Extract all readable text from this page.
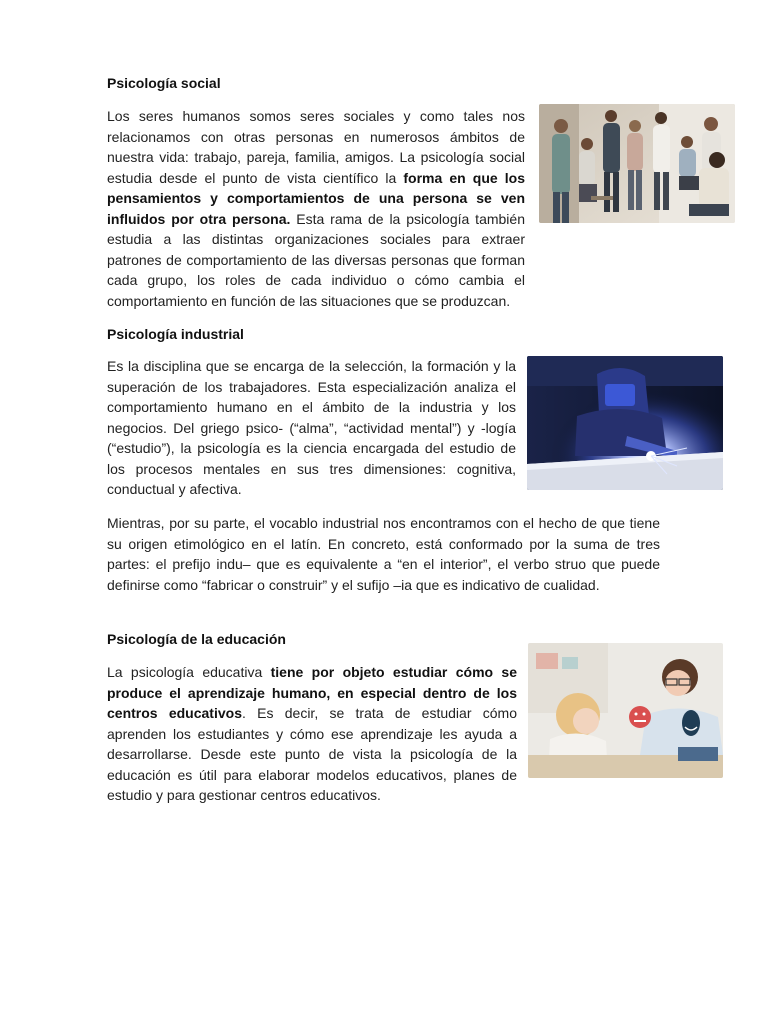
Psicología social

Los seres humanos somos seres sociales y como tales nos relacionamos con otras personas en numerosos ámbitos de nuestra vida: trabajo, pareja, familia, amigos. La psicología social estudia desde el punto de vista científico la forma en que los pensamientos y comportamientos de una persona se ven influidos por otra persona. Esta rama de la psicología también estudia a las distintas organizaciones sociales para extraer patrones de comportamiento de las diversas personas que forman cada grupo, los roles de cada individuo o cómo cambia el comportamiento en función de las situaciones que se produzcan.

Psicología industrial

Es la disciplina que se encarga de la selección, la formación y la superación de los trabajadores. Esta especialización analiza el comportamiento humano en el ámbito de la industria y los negocios. Del griego psico- (“alma”, “actividad mental”) y -logía (“estudio”), la psicología es la ciencia encargada del estudio de los procesos mentales en sus tres dimensiones: cognitiva, conductual y afectiva.

Mientras, por su parte, el vocablo industrial nos encontramos con el hecho de que tiene su origen etimológico en el latín. En concreto, está conformado por la suma de tres partes: el prefijo indu– que es equivalente a “en el interior”, el verbo struo que puede definirse como “fabricar o construir” y el sufijo –ia que es indicativo de cualidad.

Psicología de la educación

La psicología educativa tiene por objeto estudiar cómo se produce el aprendizaje humano, en especial dentro de los centros educativos. Es decir, se trata de estudiar cómo aprenden los estudiantes y cómo ese aprendizaje les ayuda a desarrollarse. Desde este punto de vista la psicología de la educación es útil para elaborar modelos educativos, planes de estudio y para gestionar centros educativos.
